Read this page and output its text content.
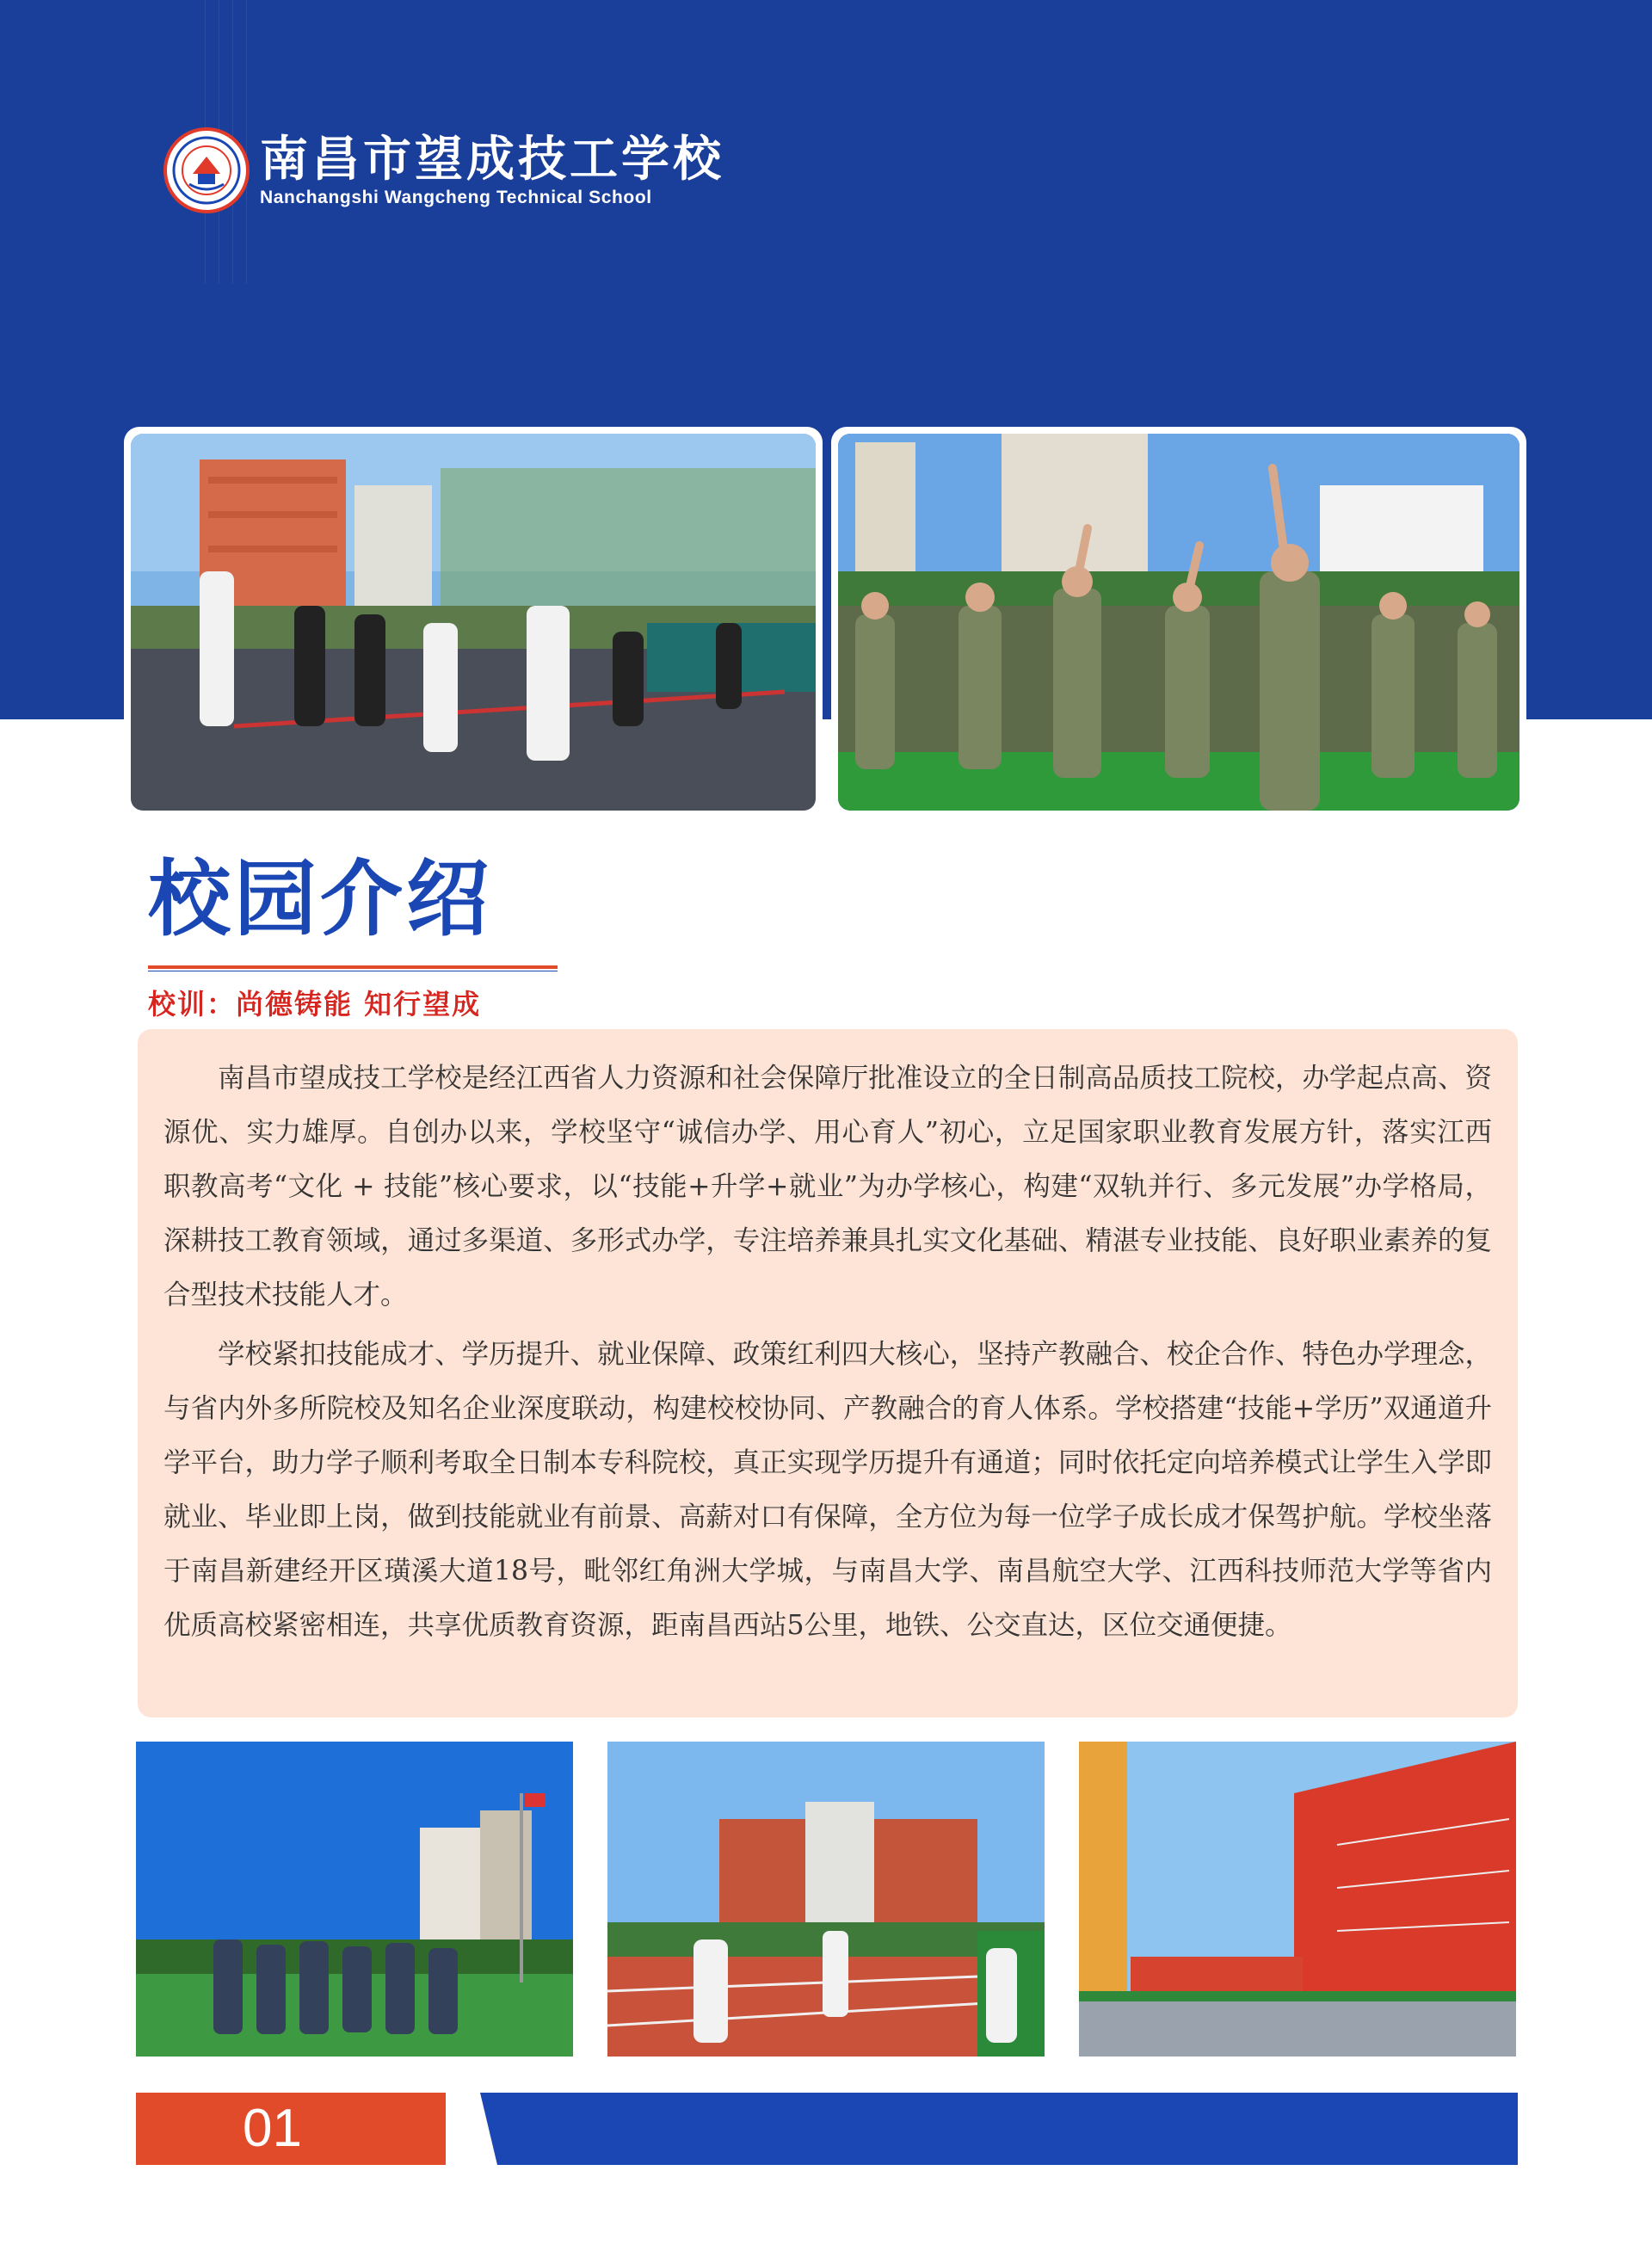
南昌市望成技工学校
Nanchangshi Wangcheng Technical School
校园介绍
校训：尚德铸能 知行望成

南昌市望成技工学校是经江西省人力资源和社会保障厅批准设立的全日制高品质技工院校，办学起点高、资源优、实力雄厚。自创办以来，学校坚守“诚信办学、用心育人”初心，立足国家职业教育发展方针，落实江西职教高考“文化 + 技能”核心要求，以“技能+升学+就业”为办学核心，构建“双轨并行、多元发展”办学格局，深耕技工教育领域，通过多渠道、多形式办学，专注培养兼具扎实文化基础、精湛专业技能、良好职业素养的复合型技术技能人才。

学校紧扣技能成才、学历提升、就业保障、政策红利四大核心，坚持产教融合、校企合作、特色办学理念，与省内外多所院校及知名企业深度联动，构建校校协同、产教融合的育人体系。学校搭建“技能+学历”双通道升学平台，助力学子顺利考取全日制本专科院校，真正实现学历提升有通道；同时依托定向培养模式让学生入学即就业、毕业即上岗，做到技能就业有前景、高薪对口有保障，全方位为每一位学子成长成才保驾护航。学校坐落于南昌新建经开区璜溪大道18号，毗邻红角洲大学城，与南昌大学、南昌航空大学、江西科技师范大学等省内优质高校紧密相连，共享优质教育资源，距南昌西站5公里，地铁、公交直达，区位交通便捷。

01
